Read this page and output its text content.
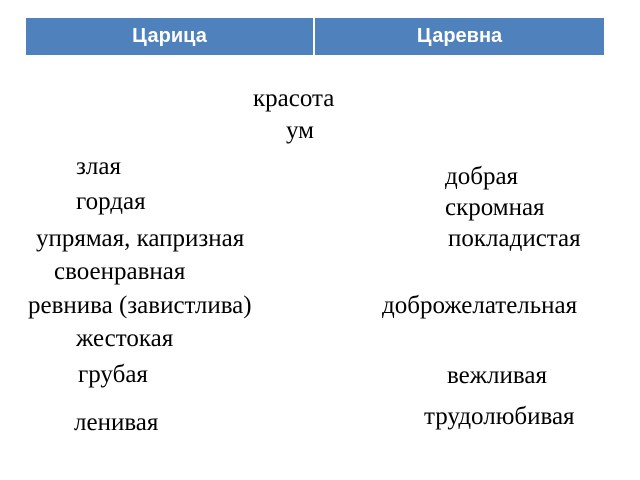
Царица	Царевна
красота
ум
злая
гордая
упрямая, капризная
своенравная
ревнива (завистлива)
жестокая
грубая
ленивая
добрая
скромная
покладистая
доброжелательная
вежливая
трудолюбивая
